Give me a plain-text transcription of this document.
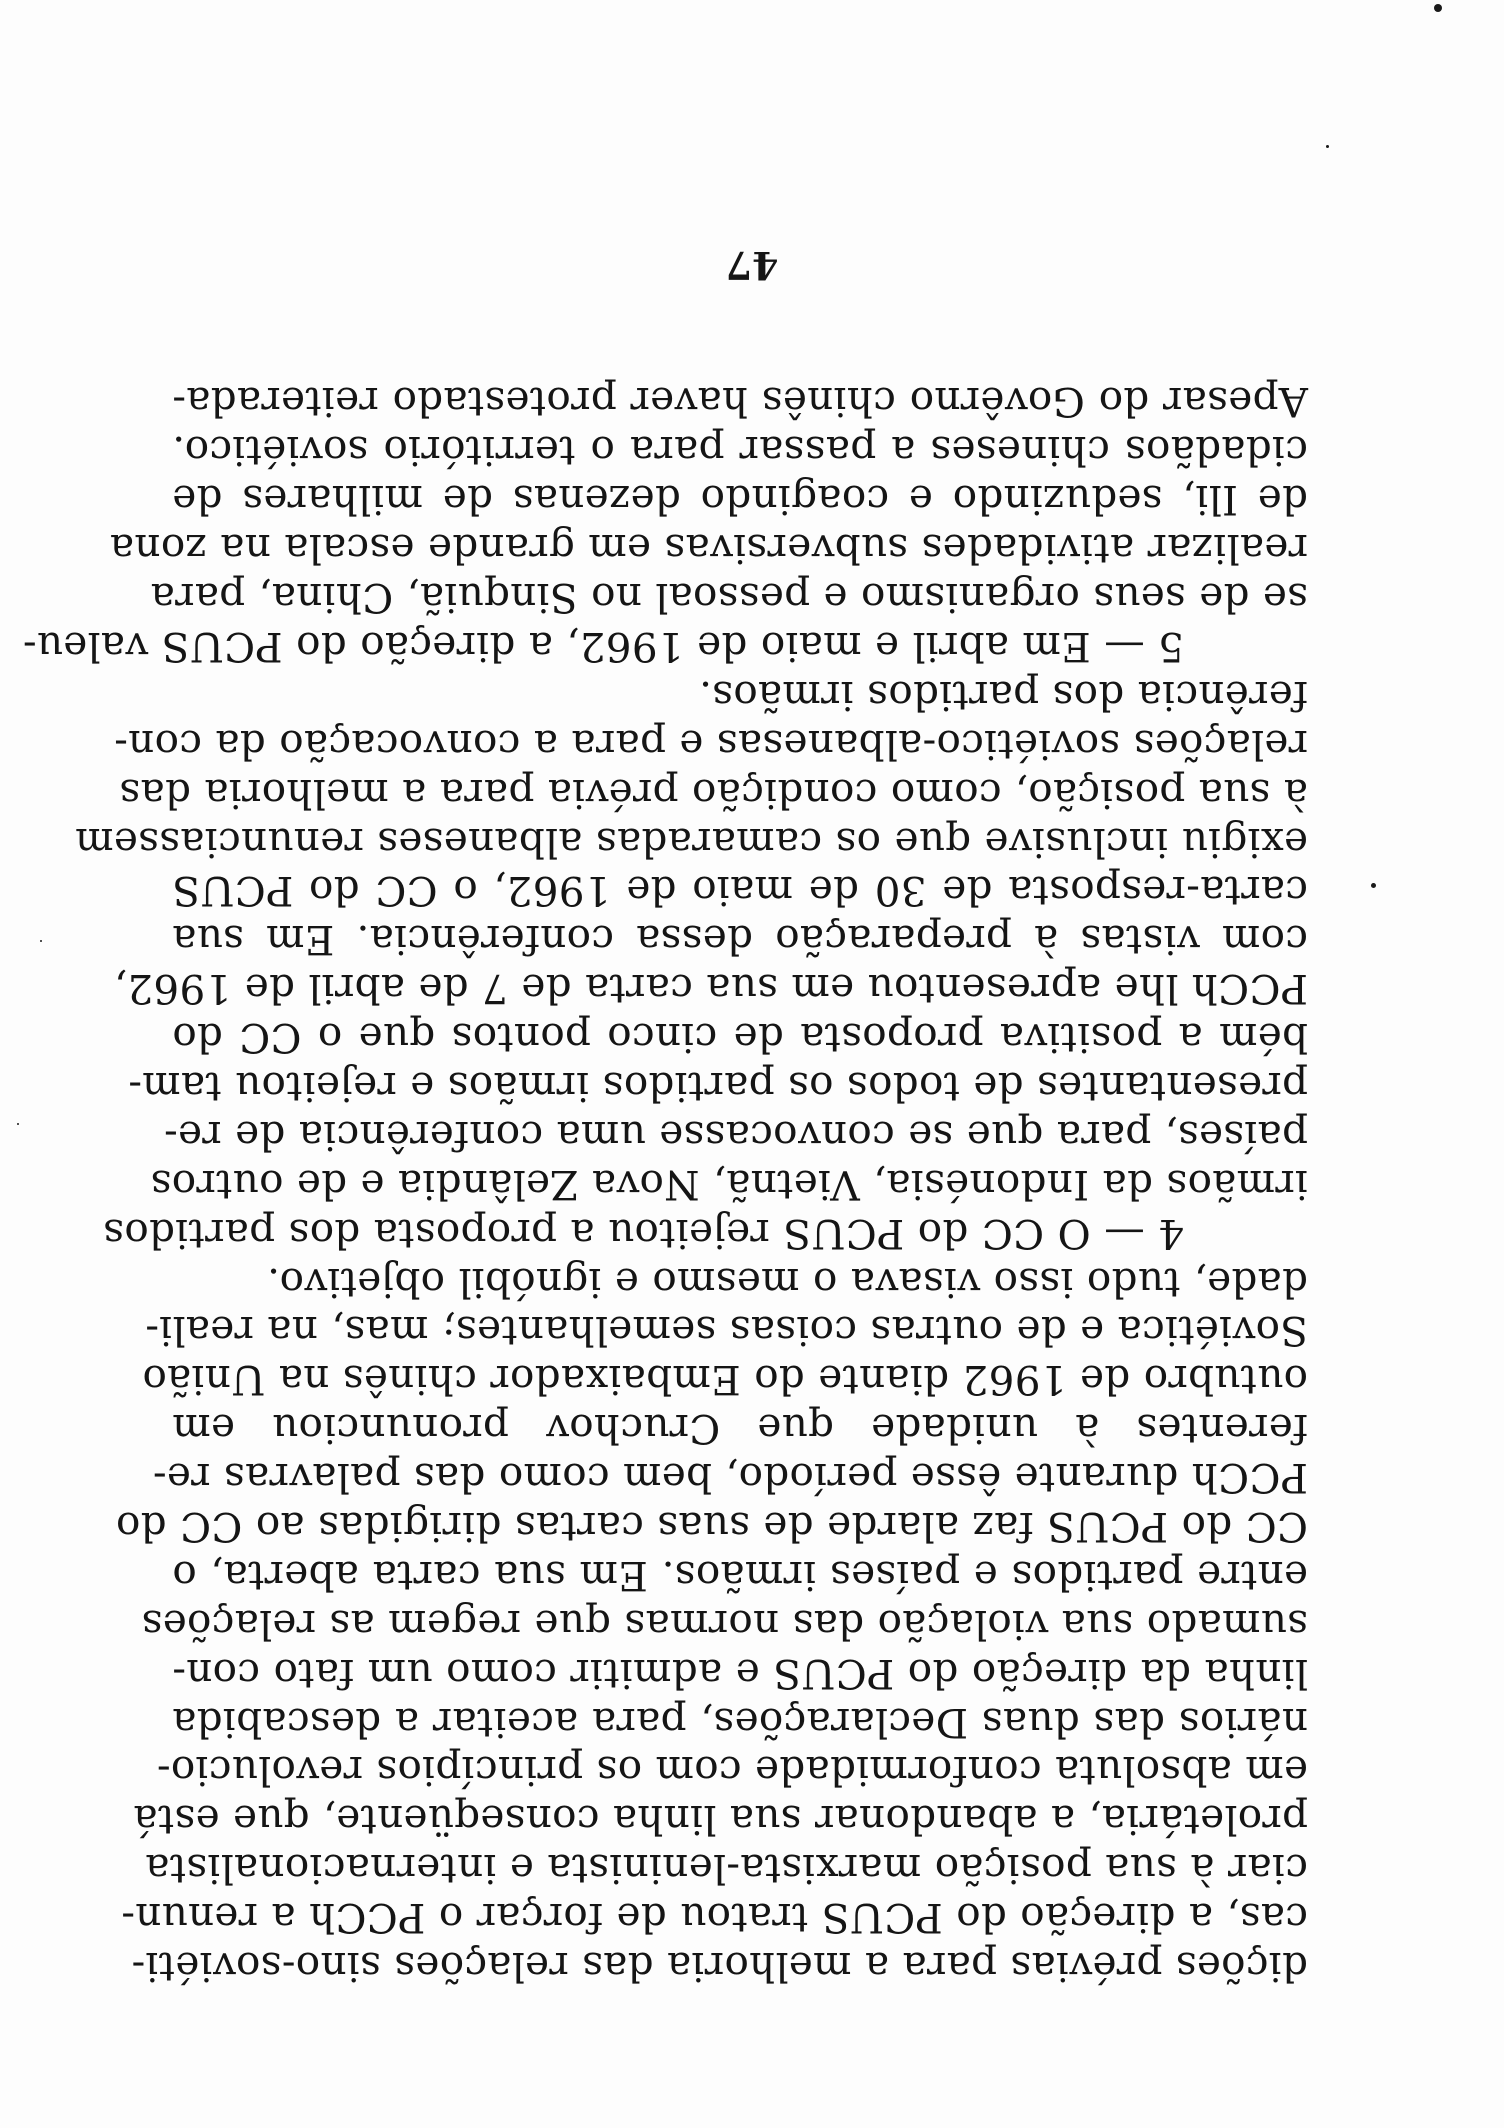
dições prévias para a melhoria das relações sino-soviéti-
cas, a direção do PCUS tratou de forçar o PCCh a renun-
ciar à sua posição marxista-leninista e internacionalista
proletária, a abandonar sua linha conseqüente, que está
em absoluta conformidade com os princípios revolucio-
nários das duas Declarações, para aceitar a descabida
linha da direção do PCUS e admitir como um fato con-
sumado sua violação das normas que regem as relações
entre partidos e países irmãos. Em sua carta aberta, o
CC do PCUS faz alarde de suas cartas dirigidas ao CC do
PCCh durante êsse período, bem como das palavras re-
ferentes à unidade que Cruchov pronunciou em
outubro de 1962 diante do Embaixador chinês na União
Soviética e de outras coisas semelhantes; mas, na reali-
dade, tudo isso visava o mesmo e ignóbil objetivo.
4 — O CC do PCUS rejeitou a proposta dos partidos
irmãos da Indonésia, Vietnã, Nova Zelândia e de outros
países, para que se convocasse uma conferência de re-
presentantes de todos os partidos irmãos e rejeitou tam-
bém a positiva proposta de cinco pontos que o CC do
PCCh lhe apresentou em sua carta de 7 de abril de 1962,
com vistas à preparação dessa conferência. Em sua
carta-resposta de 30 de maio de 1962, o CC do PCUS
exigiu inclusive que os camaradas albaneses renunciassem
à sua posição, como condição prévia para a melhoria das
relações soviético-albanesas e para a convocação da con-
ferência dos partidos irmãos.
5 — Em abril e maio de 1962, a direção do PCUS valeu-
se de seus organismo e pessoal no Sinquiã, China, para
realizar atividades subversivas em grande escala na zona
de Ili, seduzindo e coagindo dezenas de milhares de
cidadãos chineses a passar para o território soviético.
Apesar do Govêrno chinês haver protestado reiterada-
47
